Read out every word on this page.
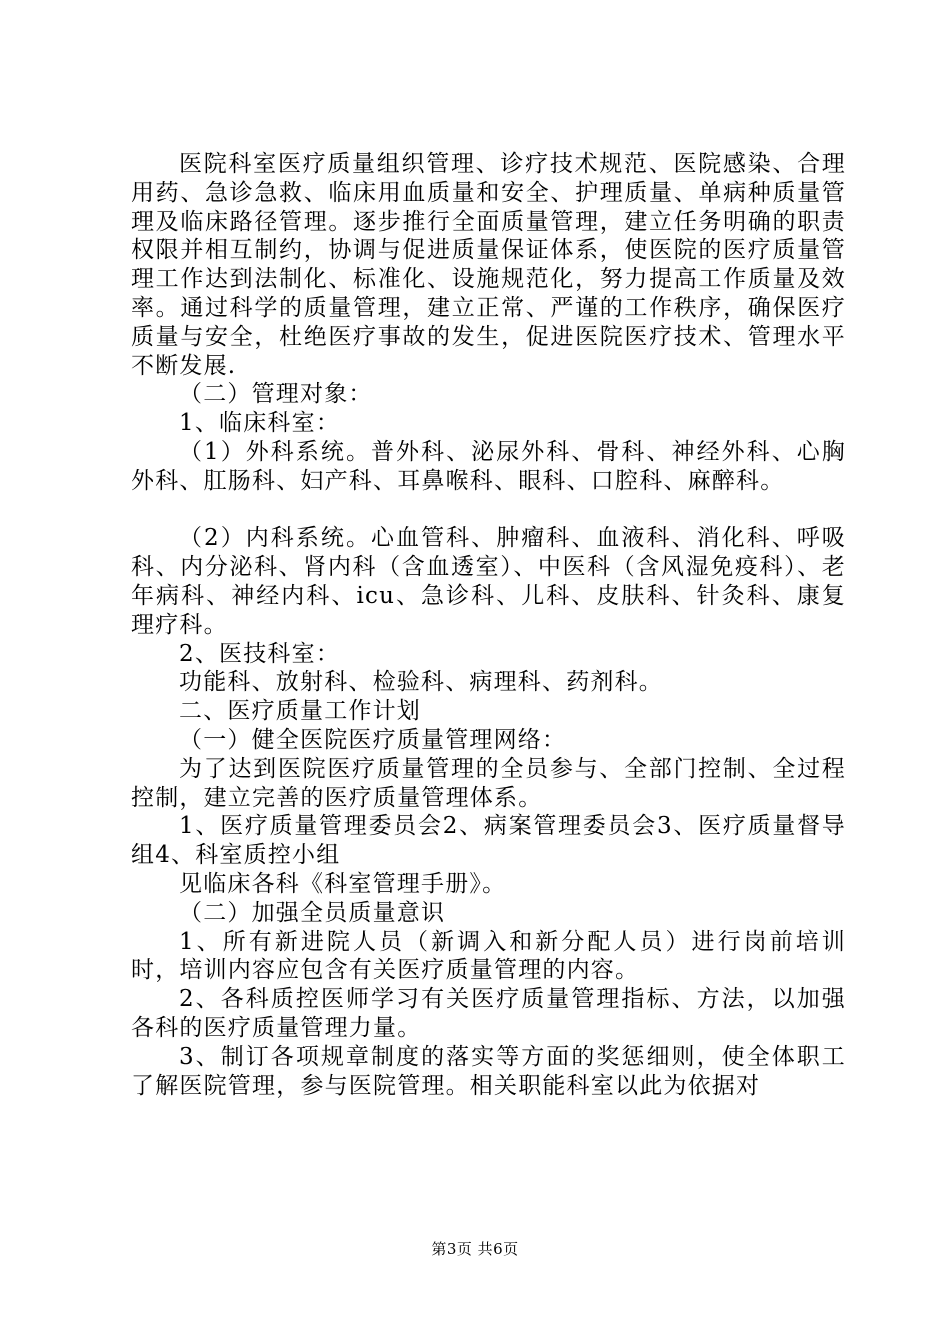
医院科室医疗质量组织管理、诊疗技术规范、医院感染、合理用药、急诊急救、临床用血质量和安全、护理质量、单病种质量管理及临床路径管理。逐步推行全面质量管理，建立任务明确的职责权限并相互制约，协调与促进质量保证体系，使医院的医疗质量管理工作达到法制化、标准化、设施规范化，努力提高工作质量及效率。通过科学的质量管理，建立正常、严谨的工作秩序，确保医疗质量与安全，杜绝医疗事故的发生，促进医院医疗技术、管理水平不断发展.

（二）管理对象：

1、临床科室：

（1）外科系统。普外科、泌尿外科、骨科、神经外科、心胸外科、肛肠科、妇产科、耳鼻喉科、眼科、口腔科、麻醉科。

（2）内科系统。心血管科、肿瘤科、血液科、消化科、呼吸科、内分泌科、肾内科（含血透室）、中医科（含风湿免疫科）、老年病科、神经内科、icu、急诊科、儿科、皮肤科、针灸科、康复理疗科。

2、医技科室：

功能科、放射科、检验科、病理科、药剂科。

二、医疗质量工作计划

（一）健全医院医疗质量管理网络：

为了达到医院医疗质量管理的全员参与、全部门控制、全过程控制，建立完善的医疗质量管理体系。

1、医疗质量管理委员会2、病案管理委员会3、医疗质量督导组4、科室质控小组

见临床各科《科室管理手册》。

（二）加强全员质量意识

1、所有新进院人员（新调入和新分配人员）进行岗前培训时，培训内容应包含有关医疗质量管理的内容。

2、各科质控医师学习有关医疗质量管理指标、方法，以加强各科的医疗质量管理力量。

3、制订各项规章制度的落实等方面的奖惩细则，使全体职工了解医院管理，参与医院管理。相关职能科室以此为依据对

第3页 共6页
